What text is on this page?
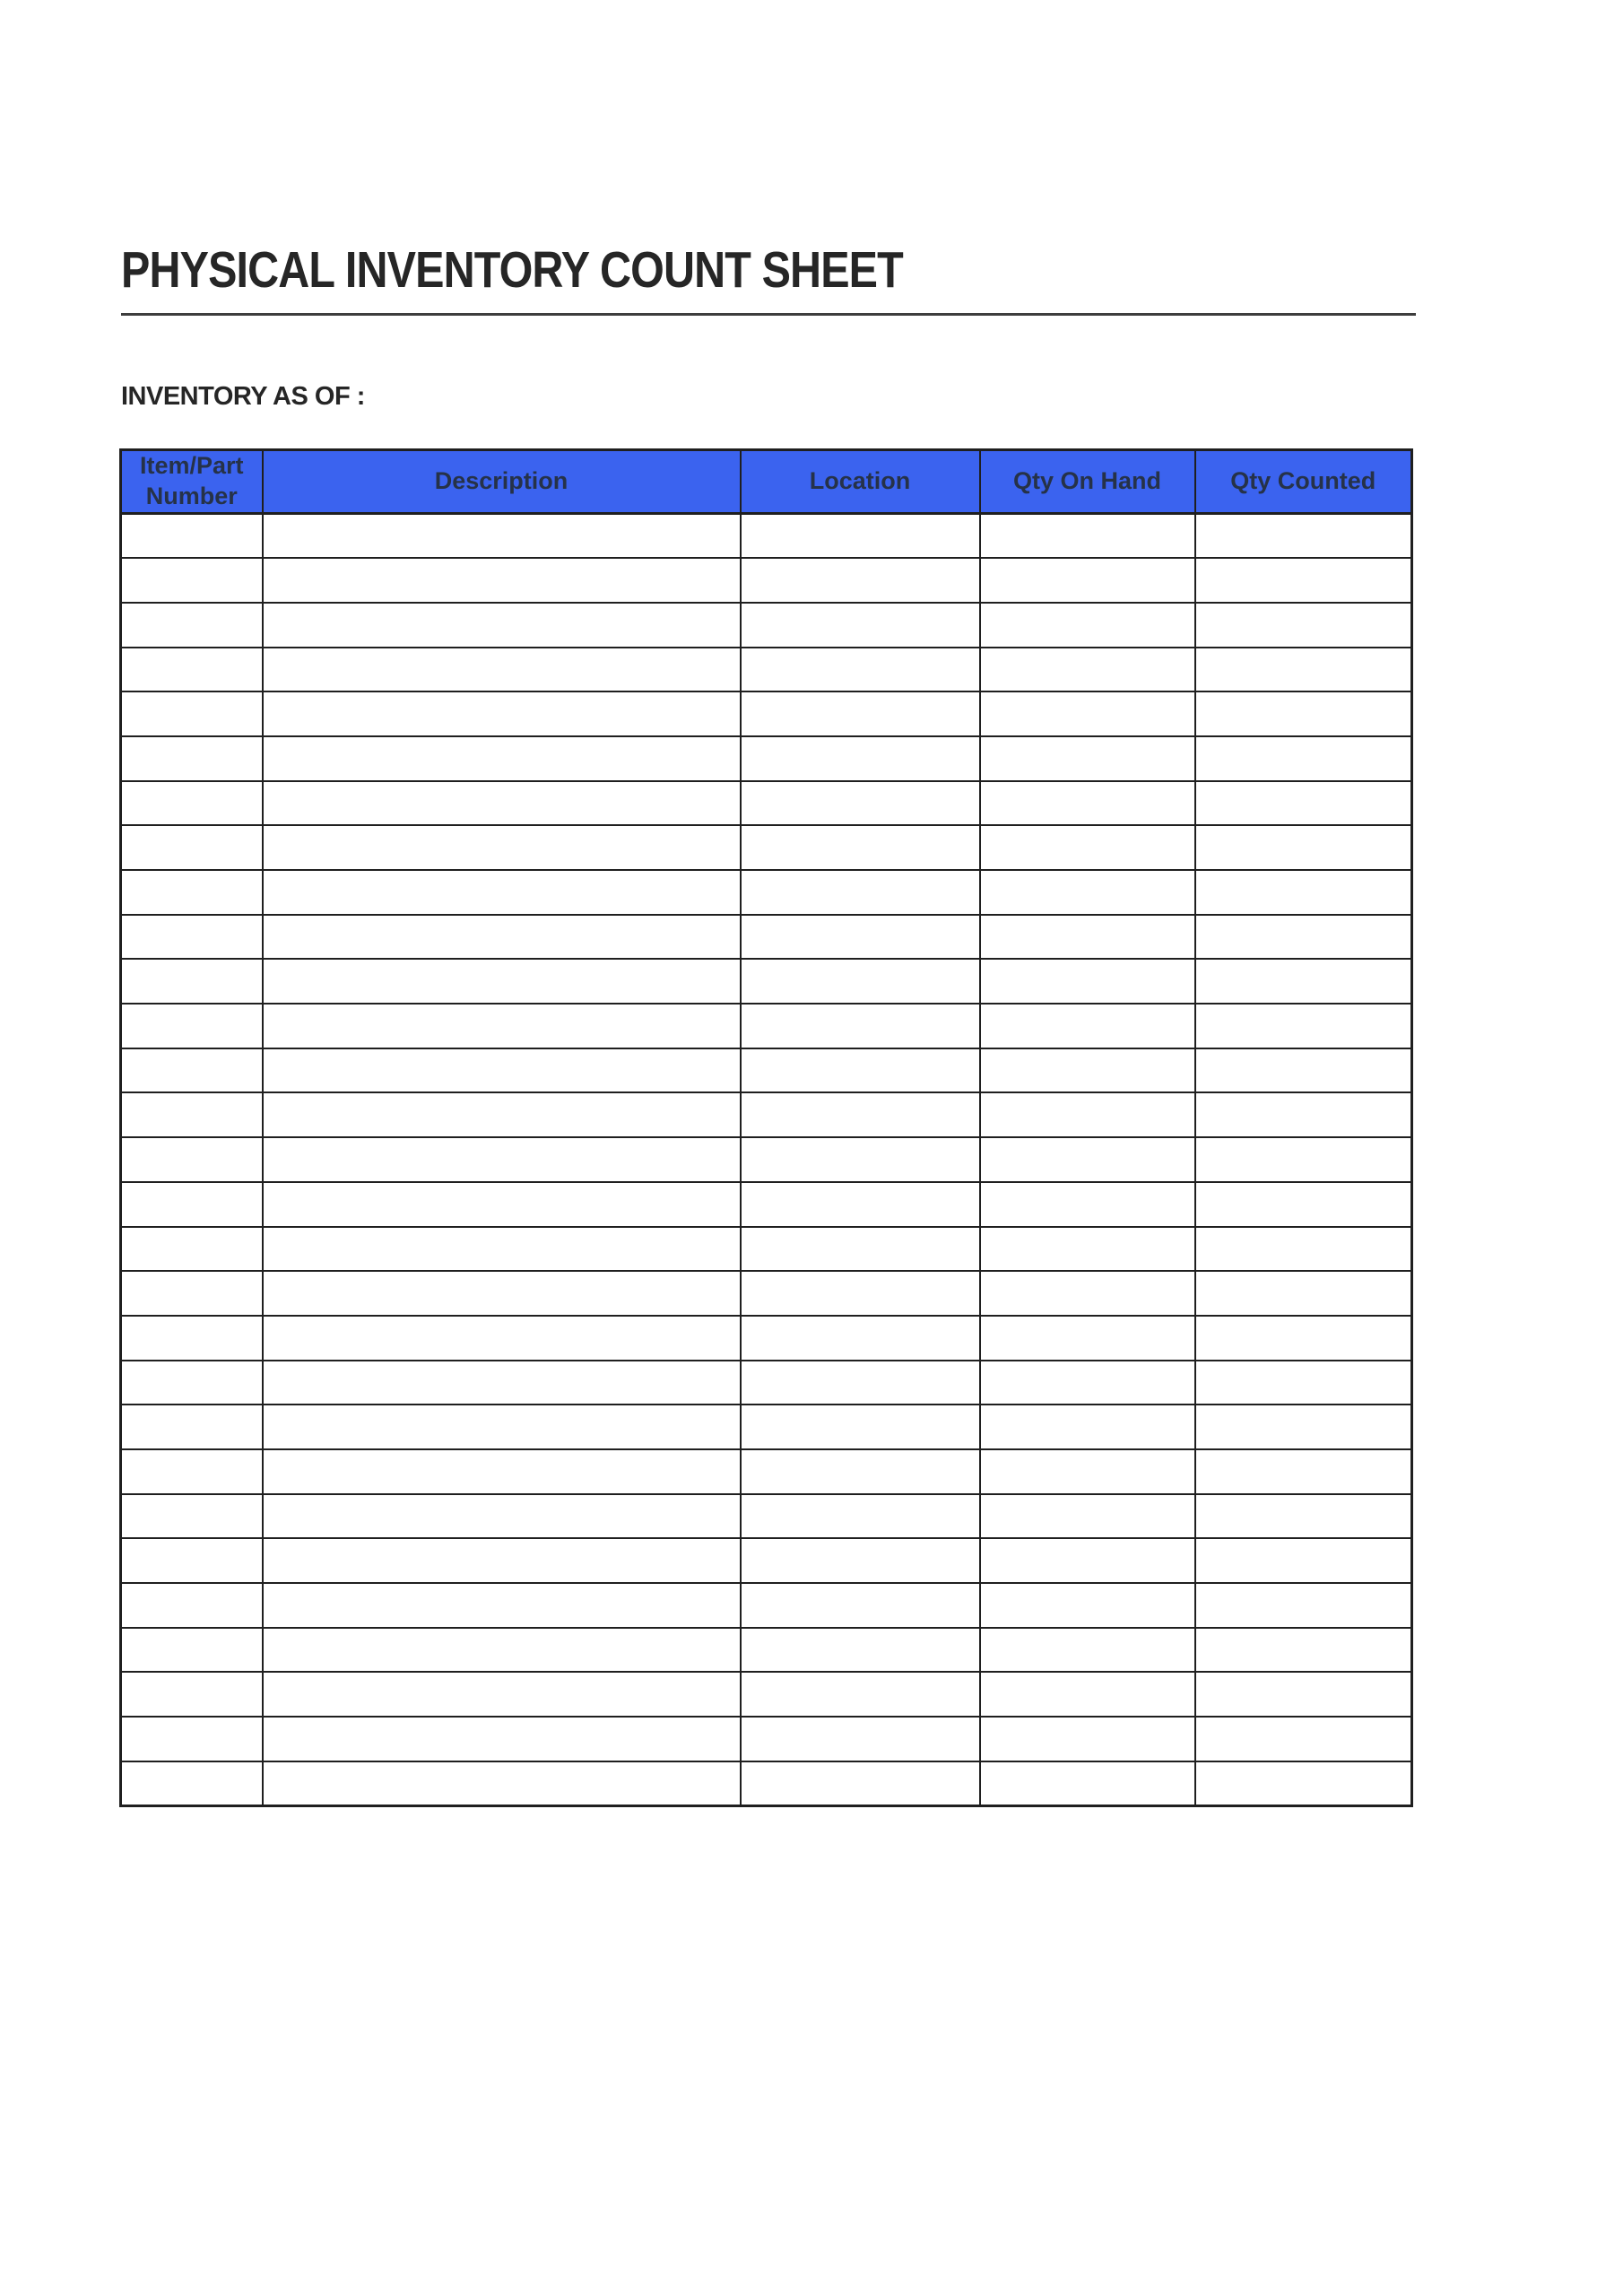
PHYSICAL INVENTORY COUNT SHEET
INVENTORY AS OF :
Item/Part Number	Description	Location	Qty On Hand	Qty Counted
